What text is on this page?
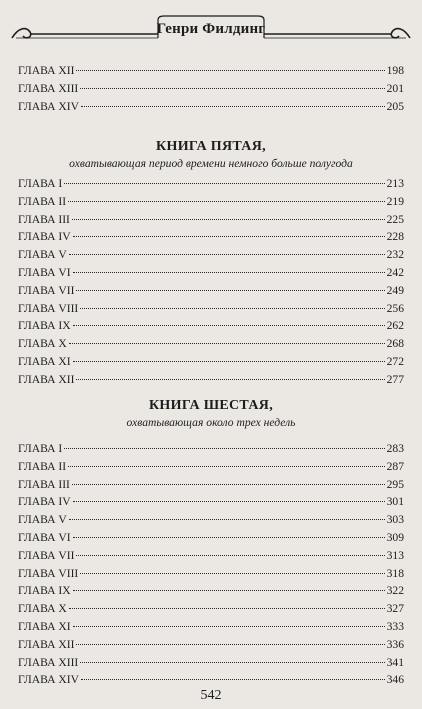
Генри Филдинг
ГЛАВА XII	198
ГЛАВА XIII	201
ГЛАВА XIV	205
КНИГА ПЯТАЯ,
охватывающая период времени немного больше полугода
ГЛАВА I	213
ГЛАВА II	219
ГЛАВА III	225
ГЛАВА IV	228
ГЛАВА V	232
ГЛАВА VI	242
ГЛАВА VII	249
ГЛАВА VIII	256
ГЛАВА IX	262
ГЛАВА X	268
ГЛАВА XI	272
ГЛАВА XII	277
КНИГА ШЕСТАЯ,
охватывающая около трех недель
ГЛАВА I	283
ГЛАВА II	287
ГЛАВА III	295
ГЛАВА IV	301
ГЛАВА V	303
ГЛАВА VI	309
ГЛАВА VII	313
ГЛАВА VIII	318
ГЛАВА IX	322
ГЛАВА X	327
ГЛАВА XI	333
ГЛАВА XII	336
ГЛАВА XIII	341
ГЛАВА XIV	346
542
